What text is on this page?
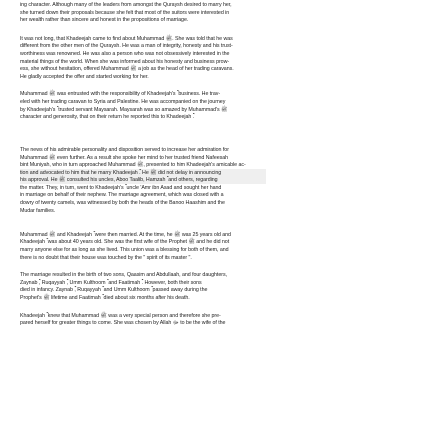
ing character. Although many of the leaders from amongst the Quraysh desired to marry her,
she turned down their proposals because she felt that most of the suitors were interested in
her wealth rather than sincere and honest in the propositions of marriage.

It was not long, that Khadeejah came to find about Muhammad ﷺ. She was told that he was
different from the other men of the Quraysh. He was a man of integrity, honesty and his trust-
worthiness was renowned. He was also a person who was not obsessively interested in the
material things of the world. When she was informed about his honesty and business prow-
ess, she without hesitation, offered Muhammad ﷺ a job as the head of her trading caravans.
He gladly accepted the offer and started working for her.

Muhammad ﷺ was entrusted with the responsibility of Khadeejah's ؓ business. He trav-
eled with her trading caravan to Syria and Palestine. He was accompanied on the journey
by Khadeejah's ؓ trusted servant Maysarah. Maysarah was so amazed by Muhammad's ﷺ
character and generosity, that on their return he reported this to Khadeejah ؓ.

The news of his admirable personality and disposition served to increase her admiration for
Muhammad ﷺ even further. As a result she spoke her mind to her trusted friend Nafeesah
bint Muniyah, who in turn approached Muhammad ﷺ, presented to him Khadeejah's amicable ac-
tion and advocated to him that he marry Khadeejah ؓ. He ﷺ did not delay in announcing
his approval. He ﷺ consulted his uncles, Aboo Taalib, Hamzah ؓ and others, regarding
the matter. They, in turn, went to Khadeejah's ؓ uncle 'Amr ibn Asad and sought her hand
in marriage on behalf of their nephew. The marriage agreement, which was closed with a
dowry of twenty camels, was witnessed by both the heads of the Banoo Haashim and the
Mudar families.

Muhammad ﷺ and Khadeejah ؓ were then married. At the time, he ﷺ was 25 years old and
Khadeejah ؓ was about 40 years old. She was the first wife of the Prophet ﷺ and he did not
marry anyone else for as long as she lived. This union was a blessing for both of them, and
there is no doubt that their house was touched by the " spirit of its master ".

The marriage resulted in the birth of two sons, Qaasim and Abdullaah, and four daughters,
Zaynab ؓ, Ruqayyah ؓ, Umm Kulthoom ؓ and Faatimah ؓ. However, both their sons
died in infancy. Zaynab ؓ, Ruqayyah ؓ and Umm Kulthoom ؓ passed away during the
Prophet's ﷺ lifetime and Faatimah ؓ died about six months after his death.

Khadeejah ؓ knew that Muhammad ﷺ was a very special person and therefore she pre-
pared herself for greater things to come. She was chosen by Allah ﷻ to be the wife of the
